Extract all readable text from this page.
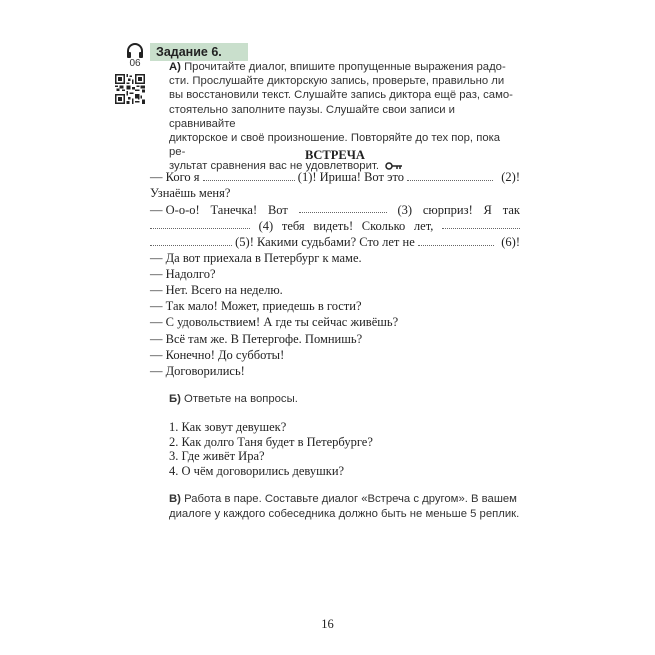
06
Задание 6.
А) Прочитайте диалог, впишите пропущенные выражения радо-
сти. Прослушайте дикторскую запись, проверьте, правильно ли
вы восстановили текст. Слушайте запись диктора ещё раз, само-
стоятельно заполните паузы. Слушайте свои записи и сравнивайте
дикторское и своё произношение. Повторяйте до тех пор, пока ре-
зультат сравнения вас не удовлетворит.
ВСТРЕЧА
— Кого я	(1)! Ириша! Вот это	(2)!
Узнаёшь меня?
— О-о-о! Танечка! Вот	(3) сюрприз! Я так
(4) тебя видеть! Сколько лет,
(5)! Какими судьбами? Сто лет не	(6)!
— Да вот приехала в Петербург к маме.
— Надолго?
— Нет. Всего на неделю.
— Так мало! Может, приедешь в гости?
— С удовольствием! А где ты сейчас живёшь?
— Всё там же. В Петергофе. Помнишь?
— Конечно! До субботы!
— Договорились!
Б) Ответьте на вопросы.
1. Как зовут девушек?
2. Как долго Таня будет в Петербурге?
3. Где живёт Ира?
4. О чём договорились девушки?
В) Работа в паре. Составьте диалог «Встреча с другом». В вашем
диалоге у каждого собеседника должно быть не меньше 5 реплик.
16
